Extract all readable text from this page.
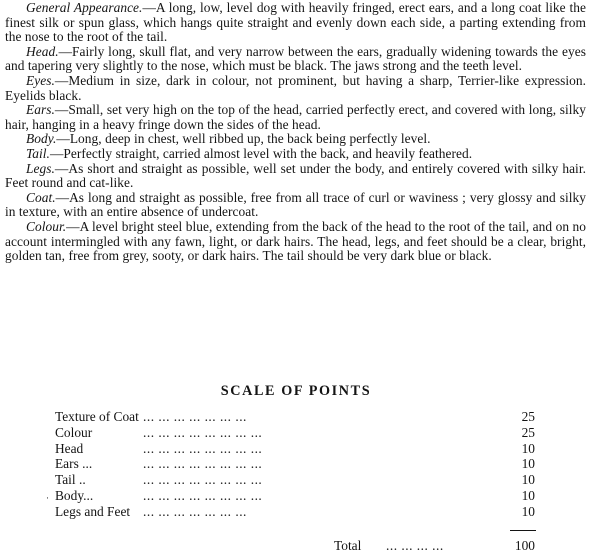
General Appearance.—A long, low, level dog with heavily fringed, erect ears, and a long coat like the finest silk or spun glass, which hangs quite straight and evenly down each side, a parting extending from the nose to the root of the tail.

Head.—Fairly long, skull flat, and very narrow between the ears, gradually widening towards the eyes and tapering very slightly to the nose, which must be black. The jaws strong and the teeth level.

Eyes.—Medium in size, dark in colour, not prominent, but having a sharp, Terrier-like expression. Eyelids black.

Ears.—Small, set very high on the top of the head, carried perfectly erect, and covered with long, silky hair, hanging in a heavy fringe down the sides of the head.

Body.—Long, deep in chest, well ribbed up, the back being perfectly level.

Tail.—Perfectly straight, carried almost level with the back, and heavily feathered.

Legs.—As short and straight as possible, well set under the body, and entirely covered with silky hair. Feet round and cat-like.

Coat.—As long and straight as possible, free from all trace of curl or waviness ; very glossy and silky in texture, with an entire absence of undercoat.

Colour.—A level bright steel blue, extending from the back of the head to the root of the tail, and on no account intermingled with any fawn, light, or dark hairs. The head, legs, and feet should be a clear, bright, golden tan, free from grey, sooty, or dark hairs. The tail should be very dark blue or black.

SCALE OF POINTS
Texture of Coat ... ... ... ... ... ... ...	25
Colour	... ... ... ... ... ... ... ...	25
Head	... ... ... ... ... ... ... ...	10
Ears ...	... ... ... ... ... ... ... ...	10
Tail ..	... ... ... ... ... ... ... ...	10
Body...	... ... ... ... ... ... ... ...	10
Legs and Feet ... ... ... ... ... ... ...	10
·
Total ... ... ... ...	100
